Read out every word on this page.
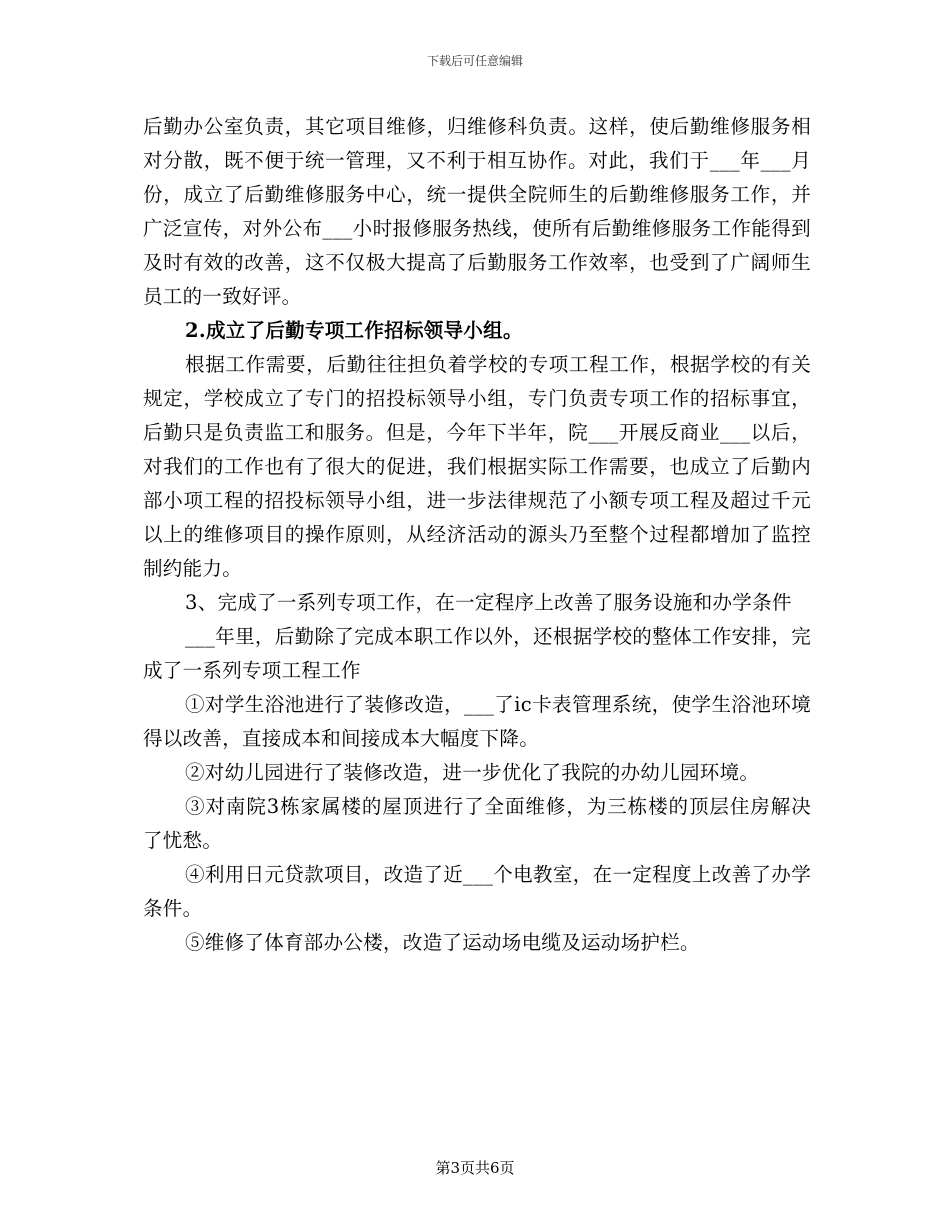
下载后可任意编辑

后勤办公室负责，其它项目维修，归维修科负责。这样，使后勤维修服务相对分散，既不便于统一管理，又不利于相互协作。对此，我们于___年___月份，成立了后勤维修服务中心，统一提供全院师生的后勤维修服务工作，并广泛宣传，对外公布___小时报修服务热线，使所有后勤维修服务工作能得到及时有效的改善，这不仅极大提高了后勤服务工作效率，也受到了广阔师生员工的一致好评。

2.成立了后勤专项工作招标领导小组。

根据工作需要，后勤往往担负着学校的专项工程工作，根据学校的有关规定，学校成立了专门的招投标领导小组，专门负责专项工作的招标事宜，后勤只是负责监工和服务。但是，今年下半年，院___开展反商业___以后，对我们的工作也有了很大的促进，我们根据实际工作需要，也成立了后勤内部小项工程的招投标领导小组，进一步法律规范了小额专项工程及超过千元以上的维修项目的操作原则，从经济活动的源头乃至整个过程都增加了监控制约能力。

3、完成了一系列专项工作，在一定程序上改善了服务设施和办学条件

___年里，后勤除了完成本职工作以外，还根据学校的整体工作安排，完成了一系列专项工程工作

①对学生浴池进行了装修改造，___了ic卡表管理系统，使学生浴池环境得以改善，直接成本和间接成本大幅度下降。

②对幼儿园进行了装修改造，进一步优化了我院的办幼儿园环境。

③对南院3栋家属楼的屋顶进行了全面维修，为三栋楼的顶层住房解决了忧愁。

④利用日元贷款项目，改造了近___个电教室，在一定程度上改善了办学条件。

⑤维修了体育部办公楼，改造了运动场电缆及运动场护栏。

第3页共6页
